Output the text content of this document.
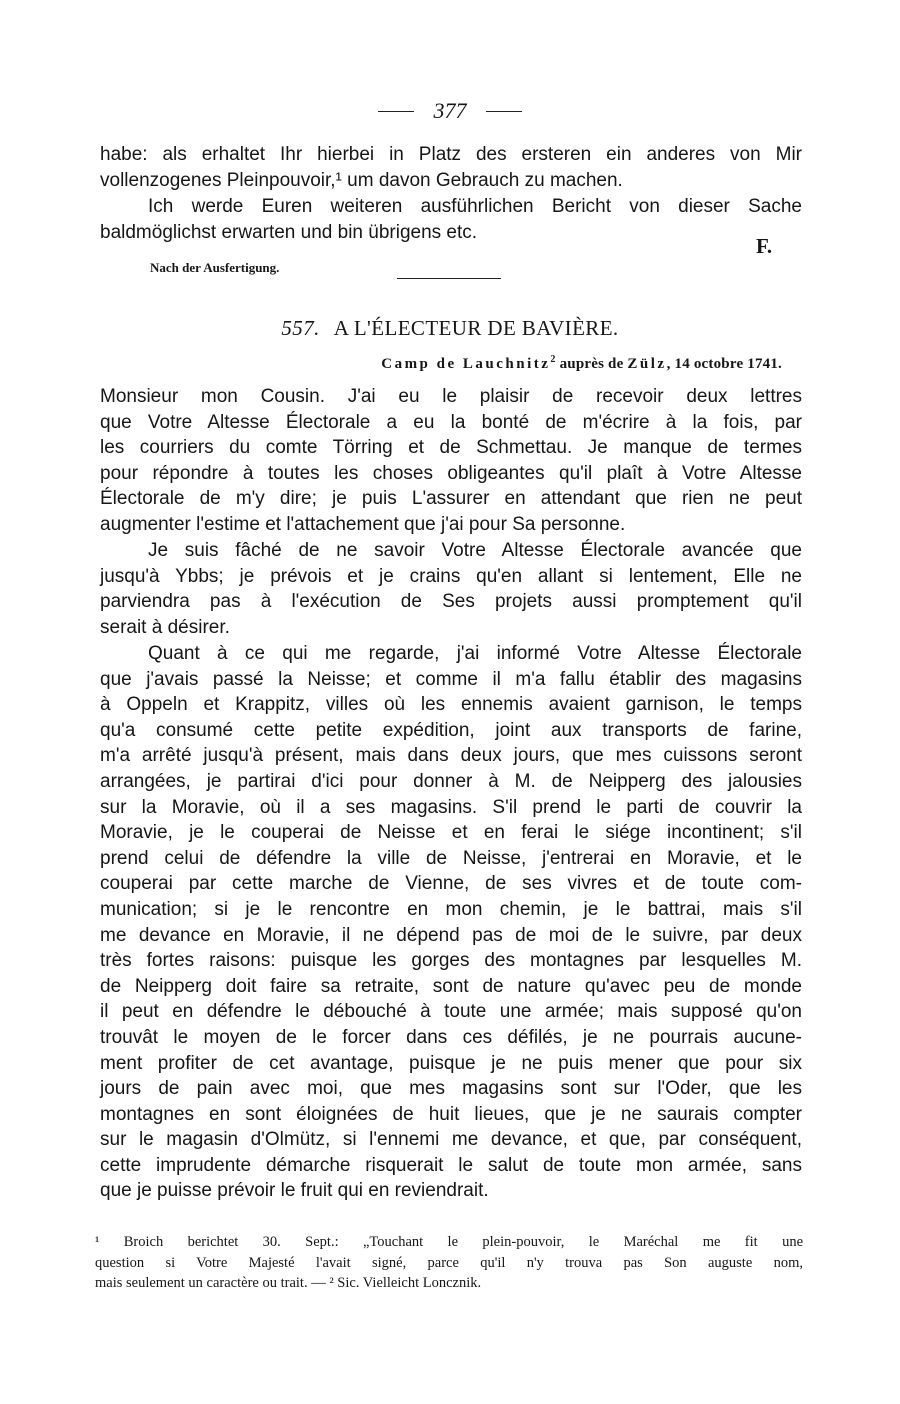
377
habe: als erhaltet Ihr hierbei in Platz des ersteren ein anderes von Mir
vollenzogenes Pleinpouvoir,¹ um davon Gebrauch zu machen.
Ich werde Euren weiteren ausführlichen Bericht von dieser Sache
baldmöglichst erwarten und bin übrigens etc.
F.
Nach der Ausfertigung.
557. A L'ÉLECTEUR DE BAVIÈRE.
Camp de Lauchnitz$^2$ auprès de Zülz, 14 octobre 1741.
Monsieur mon Cousin. J'ai eu le plaisir de recevoir deux lettres
que Votre Altesse Électorale a eu la bonté de m'écrire à la fois, par
les courriers du comte Törring et de Schmettau. Je manque de termes
pour répondre à toutes les choses obligeantes qu'il plaît à Votre Altesse
Électorale de m'y dire; je puis L'assurer en attendant que rien ne peut
augmenter l'estime et l'attachement que j'ai pour Sa personne.
Je suis fâché de ne savoir Votre Altesse Électorale avancée que
jusqu'à Ybbs; je prévois et je crains qu'en allant si lentement, Elle ne
parviendra pas à l'exécution de Ses projets aussi promptement qu'il
serait à désirer.
Quant à ce qui me regarde, j'ai informé Votre Altesse Électorale
que j'avais passé la Neisse; et comme il m'a fallu établir des magasins
à Oppeln et Krappitz, villes où les ennemis avaient garnison, le temps
qu'a consumé cette petite expédition, joint aux transports de farine,
m'a arrêté jusqu'à présent, mais dans deux jours, que mes cuissons seront
arrangées, je partirai d'ici pour donner à M. de Neipperg des jalousies
sur la Moravie, où il a ses magasins. S'il prend le parti de couvrir la
Moravie, je le couperai de Neisse et en ferai le siége incontinent; s'il
prend celui de défendre la ville de Neisse, j'entrerai en Moravie, et le
couperai par cette marche de Vienne, de ses vivres et de toute com-
munication; si je le rencontre en mon chemin, je le battrai, mais s'il
me devance en Moravie, il ne dépend pas de moi de le suivre, par deux
très fortes raisons: puisque les gorges des montagnes par lesquelles M.
de Neipperg doit faire sa retraite, sont de nature qu'avec peu de monde
il peut en défendre le débouché à toute une armée; mais supposé qu'on
trouvât le moyen de le forcer dans ces défilés, je ne pourrais aucune-
ment profiter de cet avantage, puisque je ne puis mener que pour six
jours de pain avec moi, que mes magasins sont sur l'Oder, que les
montagnes en sont éloignées de huit lieues, que je ne saurais compter
sur le magasin d'Olmütz, si l'ennemi me devance, et que, par conséquent,
cette imprudente démarche risquerait le salut de toute mon armée, sans
que je puisse prévoir le fruit qui en reviendrait.
¹ Broich berichtet 30. Sept.: „Touchant le plein-pouvoir, le Maréchal me fit une
question si Votre Majesté l'avait signé, parce qu'il n'y trouva pas Son auguste nom,
mais seulement un caractère ou trait. — ² Sic. Vielleicht Loncznik.
